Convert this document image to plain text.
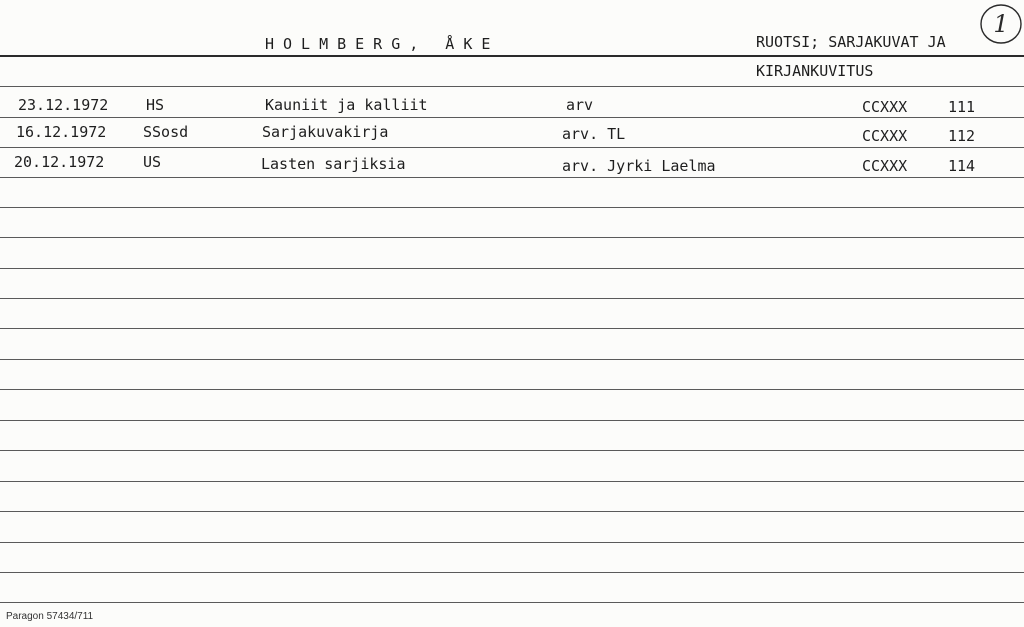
HOLMBERG, ÅKE	RUOTSI; SARJAKUVAT JA
KIRJANKUVITUS
1
23.12.1972	HS	Kauniit ja kalliit	arv	CCXXX	111
16.12.1972 SSosd	Sarjakuvakirja	arv. TL	CCXXX	112
20.12.1972	US	Lasten sarjiksia	arv. Jyrki Laelma	CCXXX	114
Paragon 57434/711
